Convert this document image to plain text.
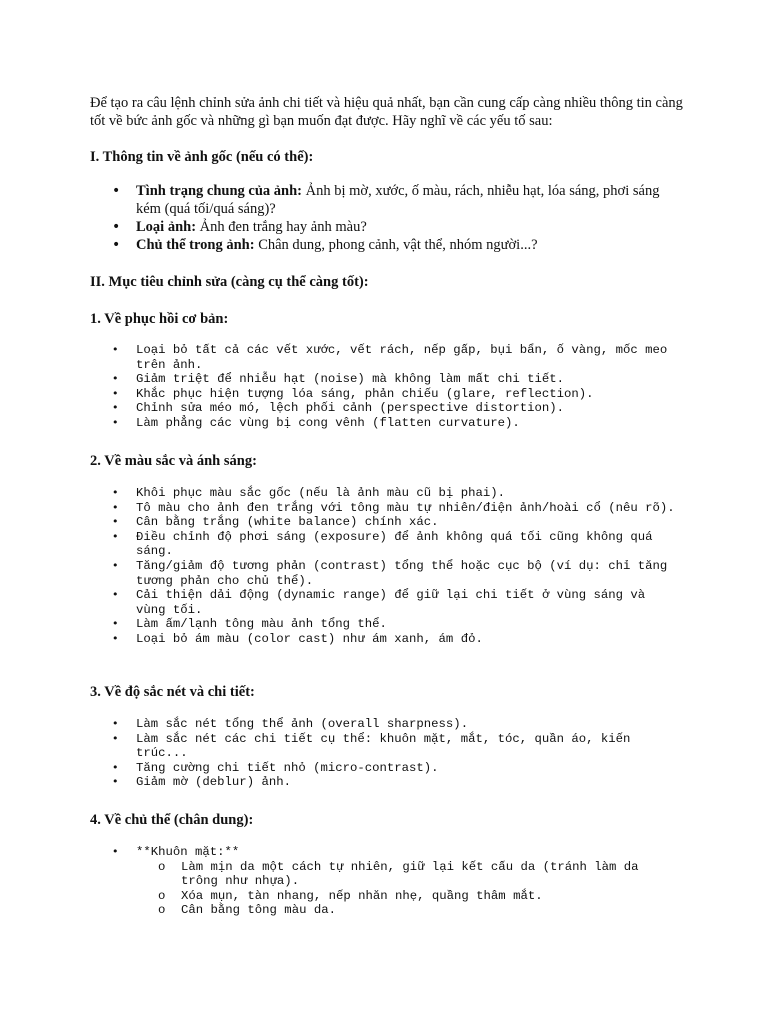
Để tạo ra câu lệnh chỉnh sửa ảnh chi tiết và hiệu quả nhất, bạn cần cung cấp càng nhiều thông tin càng tốt về bức ảnh gốc và những gì bạn muốn đạt được. Hãy nghĩ về các yếu tố sau:

I. Thông tin về ảnh gốc (nếu có thể):
• Tình trạng chung của ảnh: Ảnh bị mờ, xước, ố màu, rách, nhiễu hạt, lóa sáng, phơi sáng kém (quá tối/quá sáng)?
• Loại ảnh: Ảnh đen trắng hay ảnh màu?
• Chủ thể trong ảnh: Chân dung, phong cảnh, vật thể, nhóm người...?
II. Mục tiêu chỉnh sửa (càng cụ thể càng tốt):
1. Về phục hồi cơ bản:
• Loại bỏ tất cả các vết xước, vết rách, nếp gấp, bụi bẩn, ố vàng, mốc meo trên ảnh.
• Giảm triệt để nhiễu hạt (noise) mà không làm mất chi tiết.
• Khắc phục hiện tượng lóa sáng, phản chiếu (glare, reflection).
• Chỉnh sửa méo mó, lệch phối cảnh (perspective distortion).
• Làm phẳng các vùng bị cong vênh (flatten curvature).
2. Về màu sắc và ánh sáng:
• Khôi phục màu sắc gốc (nếu là ảnh màu cũ bị phai).
• Tô màu cho ảnh đen trắng với tông màu tự nhiên/điện ảnh/hoài cổ (nêu rõ).
• Cân bằng trắng (white balance) chính xác.
• Điều chỉnh độ phơi sáng (exposure) để ảnh không quá tối cũng không quá sáng.
• Tăng/giảm độ tương phản (contrast) tổng thể hoặc cục bộ (ví dụ: chỉ tăng tương phản cho chủ thể).
• Cải thiện dải động (dynamic range) để giữ lại chi tiết ở vùng sáng và vùng tối.
• Làm ấm/lạnh tông màu ảnh tổng thể.
• Loại bỏ ám màu (color cast) như ám xanh, ám đỏ.
3. Về độ sắc nét và chi tiết:
• Làm sắc nét tổng thể ảnh (overall sharpness).
• Làm sắc nét các chi tiết cụ thể: khuôn mặt, mắt, tóc, quần áo, kiến trúc...
• Tăng cường chi tiết nhỏ (micro-contrast).
• Giảm mờ (deblur) ảnh.
4. Về chủ thể (chân dung):
• **Khuôn mặt:**
o Làm mịn da một cách tự nhiên, giữ lại kết cấu da (tránh làm da trông như nhựa).
o Xóa mụn, tàn nhang, nếp nhăn nhẹ, quầng thâm mắt.
o Cân bằng tông màu da.
